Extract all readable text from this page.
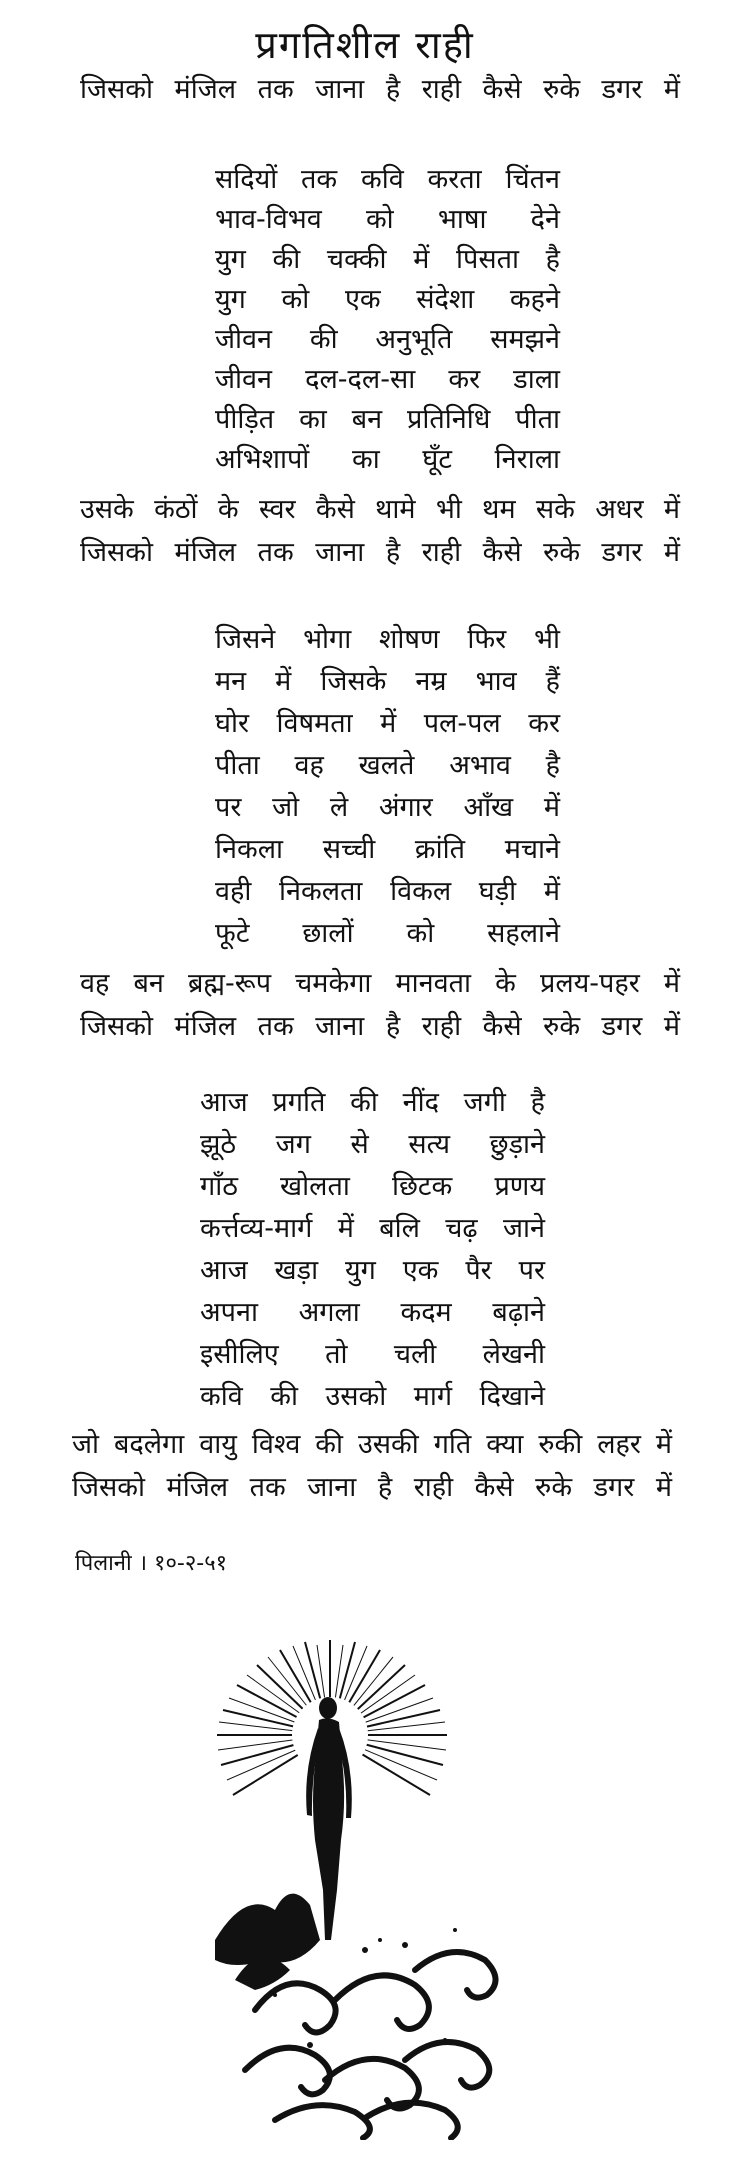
प्रगतिशील राही
जिसको मंजिल तक जाना है राही कैसे रुके डगर में
सदियों तक कवि करता चिंतन
भाव-विभव को भाषा देने
युग की चक्की में पिसता है
युग को एक संदेशा कहने
जीवन की अनुभूति समझने
जीवन दल-दल-सा कर डाला
पीड़ित का बन प्रतिनिधि पीता
अभिशापों का घूँट निराला
उसके कंठों के स्वर कैसे थामे भी थम सके अधर में
जिसको मंजिल तक जाना है राही कैसे रुके डगर में
जिसने भोगा शोषण फिर भी
मन में जिसके नम्र भाव हैं
घोर विषमता में पल-पल कर
पीता वह खलते अभाव है
पर जो ले अंगार आँख में
निकला सच्ची क्रांति मचाने
वही निकलता विकल घड़ी में
फूटे छालों को सहलाने
वह बन ब्रह्म-रूप चमकेगा मानवता के प्रलय-पहर में
जिसको मंजिल तक जाना है राही कैसे रुके डगर में
आज प्रगति की नींद जगी है
झूठे जग से सत्य छुड़ाने
गाँठ खोलता छिटक प्रणय
कर्त्तव्य-मार्ग में बलि चढ़ जाने
आज खड़ा युग एक पैर पर
अपना अगला कदम बढ़ाने
इसीलिए तो चली लेखनी
कवि की उसको मार्ग दिखाने
जो बदलेगा वायु विश्व की उसकी गति क्या रुकी लहर में
जिसको मंजिल तक जाना है राही कैसे रुके डगर में
पिलानी । १०-२-५१
